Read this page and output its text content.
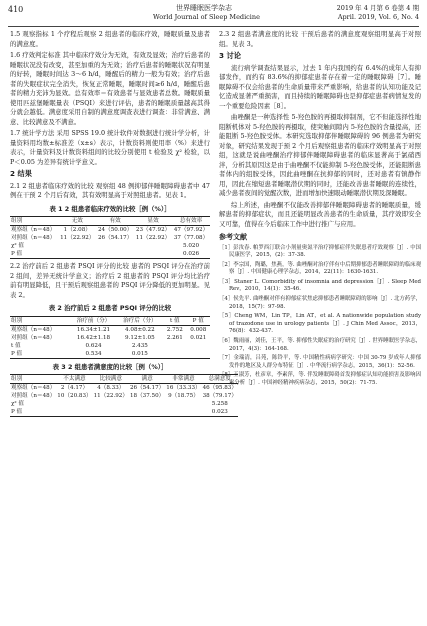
410	世界睡眠医学杂志
World Journal of Sleep Medicine
2019 年 4 月第 6 卷第 4 期
April. 2019, Vol. 6, No. 4

1.5 观察指标 1 个疗程后观察 2 组患者的临床疗效，睡眠质量及患者的满意度。

1.6 疗效判定标准 其中临床疗效分为无效，有效及显效；治疗后患者的睡眠状况没有改变，甚至加重的为无效；治疗后患者的睡眠状况有明显的好转，睡眠时间达 3～6 h/d，睡醒后的精力一般为有效；治疗后患者的失眠症状完全消失，恢复正常睡眠，睡眠时间≥6 h/d，睡醒后患者的精力充沛为显效。总有效率＝有效患者与显效患者总数。睡眠质量使用匹兹堡睡眠量表（PSQI）来进行评估，患者的睡眠质量越高其得分就会越低。满意度采用自制的满意度调查表进行调查：非常满意、满意、比较满意及不满意。

1.7 统计学方法 采用 SPSS 19.0 统计软件对数据进行统计学分析，计量资料用均数±标准差（x±s）表示，计数资料则使用率（%）来进行表示，计量资料及计数资料组间的比较分别使用 t 检验及 χ² 检验，以 P＜0.05 为差异有统计学意义。

2 结果

2.1 2 组患者临床疗效的比较 观察组 48 例抑郁伴睡眠障碍患者中 47 例在干预 2 个月后有效，其有效明显高于对照组患者。见表 1。

表 1 2 组患者临床疗效的比较［例（%）］
组别	无效	有效	显效	总有效率
观察组（n＝48）	1（2.08）	24（50.00）	23（47.92）	47（97.92）
对照组（n＝48）	11（22.92）	26（54.17）	11（22.92）	37（77.08）
χ² 值				5.020
P 值				0.026

2.2 治疗前后 2 组患者 PSQI 评分的比较 患者的 PSQI 评分在治疗前 2 组间，差异无统计学意义；治疗后 2 组患者的 PSQI 评分均比治疗前有明显降低，且干预后观察组患者的 PSQI 评分降低的更加明显。见表 2。

表 2 治疗前后 2 组患者 PSQI 评分的比较
组别	治疗前（分）	治疗后（分）	t 值	P 值
观察组（n＝48）	16.34±1.21	4.08±0.22	2.752	0.008
对照组（n＝48）	16.42±1.18	9.12±1.05	2.261	0.021
t 值	0.624	2.435		
P 值	0.534	0.015		
表 3 2 组患者满意度的比较［例（%）］
组别	不太满意	比较满意	满意	非常满意	总满意度
观察组（n＝48）	2（4.17）	4（8.33）	26（54.17）	16（33.33）	46（95.83）
对照组（n＝48）	10（20.83）	11（22.92）	18（37.50）	9（18.75）	38（79.17）
χ² 值					5.258
P 值					0.023

2.3 2 组患者满意度的比较 干预后患者的满意度观察组明显高于对照组。见表 3。

3 讨论

流行病学调查结果显示，过去 1 年内我国约有 6.4%的成年人有抑郁发作，而约有 83.6%的抑郁症患者存在着一定的睡眠障碍［7］。睡眠障碍不仅会给患者的生命质量带来严重影响，给患者的认知功能及记忆造成显著严重损害，而且持续的睡眠障碍也是抑郁症患者病情复发的一个重要危险因素［8］。

曲唑酮是一种选择性 5-羟色胺的再摄取抑制剂，它不但能选择性地阻断机体对 5-羟色胺的再摄取，使突触间隙内 5-羟色胺的含量提高，还能阻断 5-羟色胺受体。本研究选取抑郁伴睡眠障碍的 96 例患者为研究对象，研究结果发现于预 2 个月后观察组患者的临床疗效明显高于对照组，这就是说曲唑酮治疗抑郁伴睡眠障碍患者的临床显著高于氯硝西泮，分析其原因这是由于曲唑酮不仅能抑制 5-羟色胺受体，还能阻断患者体内的组胺受体，因此曲唑酮在抗抑郁的同时，还对患者有镇静作用，因此在缩短患者睡眠潜伏期的同时，还能改善患者睡眠的连续性，减少患者夜间的觉醒次数，进而增加快速眼动睡眠潜伏期及深睡眠。

综上所述，曲唑酮不仅能改善抑郁伴睡眠障碍患者的睡眠质量，缓解患者的抑郁症状，而且还能明显改善患者的生命质量，其疗效即安全又可靠，值得在今后临床工作中进行推广与应用。

参考文献

［1］彭汝春. 帕罗西汀联合小剂量奥氮平治疗抑郁症伴失眠患者疗效观察［J］. 中国民康医学，2015，(2)：37-38.

［2］李宗国，陶璐，焦燕，等. 曲唑酮对治疗伴有中后期抑郁患者睡眠障碍的临床观察［J］. 中国健康心理学杂志，2014，22(11)：1630-1631.

［3］Staner L. Comorbidity of insomnia and depression［J］. Sleep Med Rev，2010，14(1)：35-46.

［4］侯先平. 曲唑酮对伴有抑郁症状焦虑抑郁患者睡眠障碍的影响［J］. 北方药学，2018，15(7)：97-98.

［5］Cheng WM，Lin TP，Lin AT，et al. A nationwide population study of trazodone use in urology patients［J］. J Chin Med Assoc，2013，76(8)：432-437.

［6］魏雨丽，刘佳，王平，等. 抑郁性失眠症的治疗研究［J］. 世界睡眠医学杂志，2017，4(3)：164-168.

［7］金瑞清，吕苑，陈铃平，等. 中国精性病病学研究：中国 30-79 岁成年人抑郁发作的地区及人群分布特征［J］. 中华流行病学杂志，2015，36(1)：52-56.

［8］王淑芳，杜彦章，李素萍，等. 伴发睡眠障碍首发抑郁症认知功能损害及影响因素分析［J］. 中国神经精神疾病杂志，2015，50(2)：71-75.
